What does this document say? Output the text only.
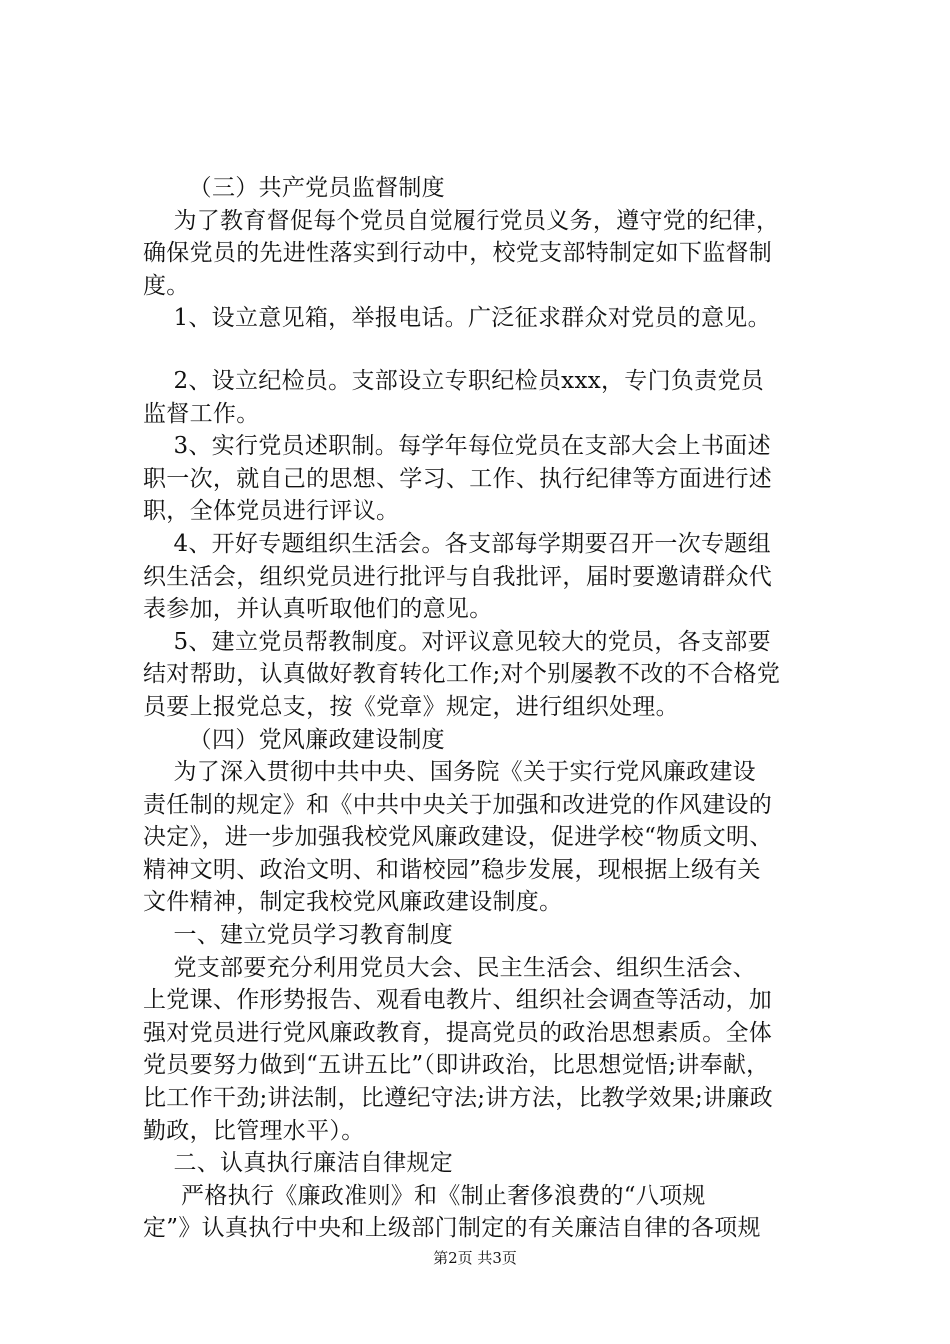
（三）共产党员监督制度
为了教育督促每个党员自觉履行党员义务，遵守党的纪律，
确保党员的先进性落实到行动中，校党支部特制定如下监督制
度。
1、设立意见箱，举报电话。广泛征求群众对党员的意见。
2、设立纪检员。支部设立专职纪检员xxx，专门负责党员
监督工作。
3、实行党员述职制。每学年每位党员在支部大会上书面述
职一次，就自己的思想、学习、工作、执行纪律等方面进行述
职，全体党员进行评议。
4、开好专题组织生活会。各支部每学期要召开一次专题组
织生活会，组织党员进行批评与自我批评，届时要邀请群众代
表参加，并认真听取他们的意见。
5、建立党员帮教制度。对评议意见较大的党员，各支部要
结对帮助，认真做好教育转化工作;对个别屡教不改的不合格党
员要上报党总支，按《党章》规定，进行组织处理。
（四）党风廉政建设制度
为了深入贯彻中共中央、国务院《关于实行党风廉政建设
责任制的规定》和《中共中央关于加强和改进党的作风建设的
决定》，进一步加强我校党风廉政建设，促进学校“物质文明、
精神文明、政治文明、和谐校园”稳步发展，现根据上级有关
文件精神，制定我校党风廉政建设制度。
一、建立党员学习教育制度
党支部要充分利用党员大会、民主生活会、组织生活会、
上党课、作形势报告、观看电教片、组织社会调查等活动，加
强对党员进行党风廉政教育，提高党员的政治思想素质。全体
党员要努力做到“五讲五比”（即讲政治，比思想觉悟;讲奉献，
比工作干劲;讲法制，比遵纪守法;讲方法，比教学效果;讲廉政
勤政，比管理水平）。
二、认真执行廉洁自律规定
严格执行《廉政准则》和《制止奢侈浪费的“八项规
定”》认真执行中央和上级部门制定的有关廉洁自律的各项规
第2页 共3页
